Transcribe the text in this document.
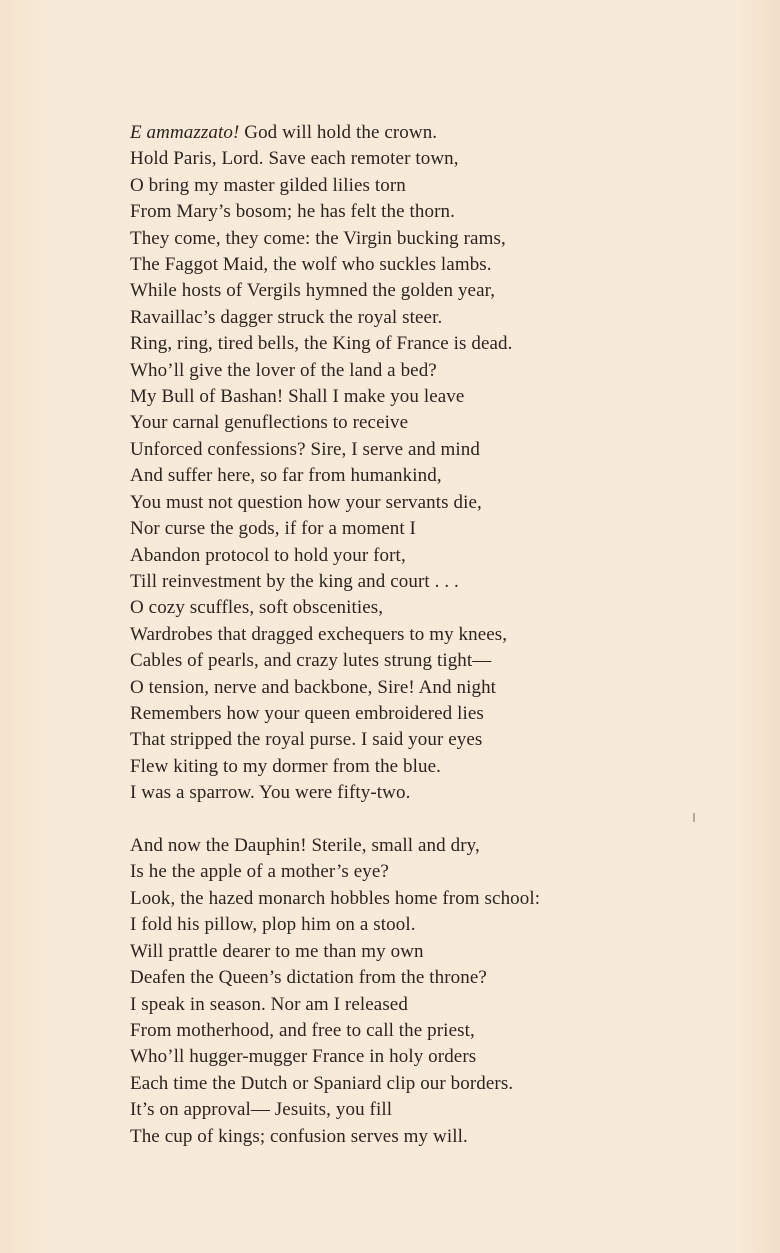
E ammazzato! God will hold the crown.
Hold Paris, Lord. Save each remoter town,
O bring my master gilded lilies torn
From Mary’s bosom; he has felt the thorn.
They come, they come: the Virgin bucking rams,
The Faggot Maid, the wolf who suckles lambs.
While hosts of Vergils hymned the golden year,
Ravaillac’s dagger struck the royal steer.
Ring, ring, tired bells, the King of France is dead.
Who’ll give the lover of the land a bed?
My Bull of Bashan! Shall I make you leave
Your carnal genuflections to receive
Unforced confessions? Sire, I serve and mind
And suffer here, so far from humankind,
You must not question how your servants die,
Nor curse the gods, if for a moment I
Abandon protocol to hold your fort,
Till reinvestment by the king and court . . .
O cozy scuffles, soft obscenities,
Wardrobes that dragged exchequers to my knees,
Cables of pearls, and crazy lutes strung tight—
O tension, nerve and backbone, Sire! And night
Remembers how your queen embroidered lies
That stripped the royal purse. I said your eyes
Flew kiting to my dormer from the blue.
I was a sparrow. You were fifty-two.
And now the Dauphin! Sterile, small and dry,
Is he the apple of a mother’s eye?
Look, the hazed monarch hobbles home from school:
I fold his pillow, plop him on a stool.
Will prattle dearer to me than my own
Deafen the Queen’s dictation from the throne?
I speak in season. Nor am I released
From motherhood, and free to call the priest,
Who’ll hugger-mugger France in holy orders
Each time the Dutch or Spaniard clip our borders.
It’s on approval— Jesuits, you fill
The cup of kings; confusion serves my will.
